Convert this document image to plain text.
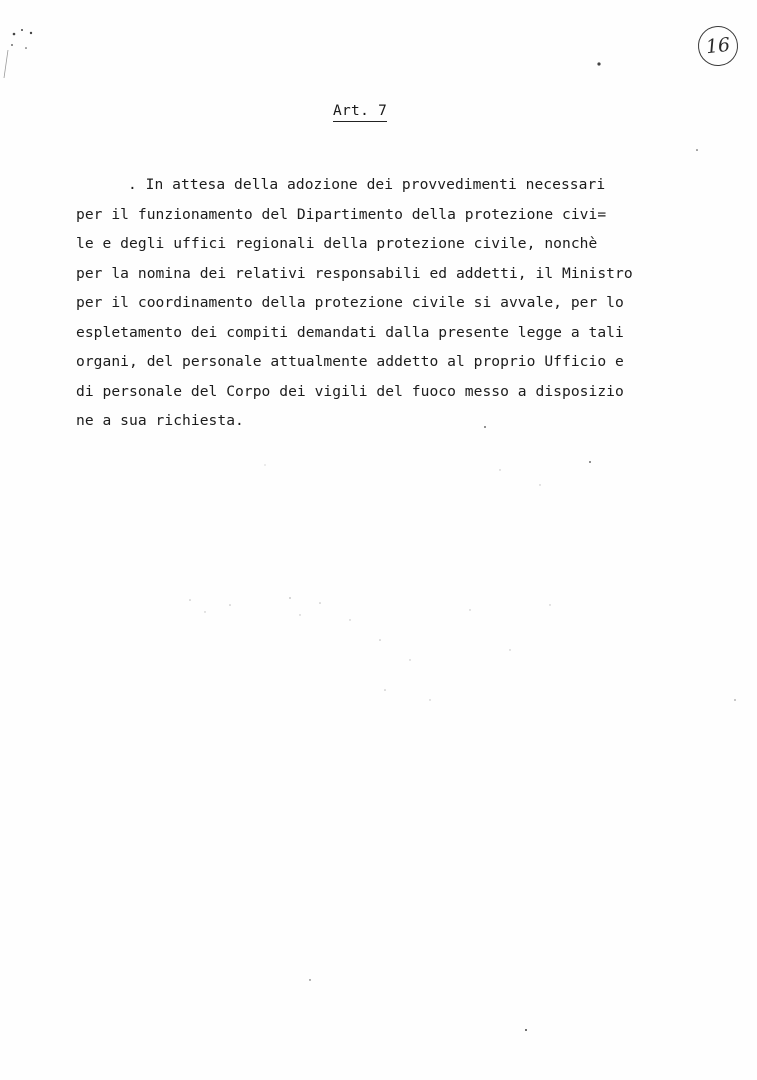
16
Art. 7
. In attesa della adozione dei provvedimenti necessari
per il funzionamento del Dipartimento della protezione civi=
le e degli uffici regionali della protezione civile, nonchè
per la nomina dei relativi responsabili ed addetti, il Ministro
per il coordinamento della protezione civile si avvale, per lo
espletamento dei compiti demandati dalla presente legge a tali
organi, del personale attualmente addetto al proprio Ufficio e
di personale del Corpo dei vigili del fuoco messo a disposizio
ne a sua richiesta.
